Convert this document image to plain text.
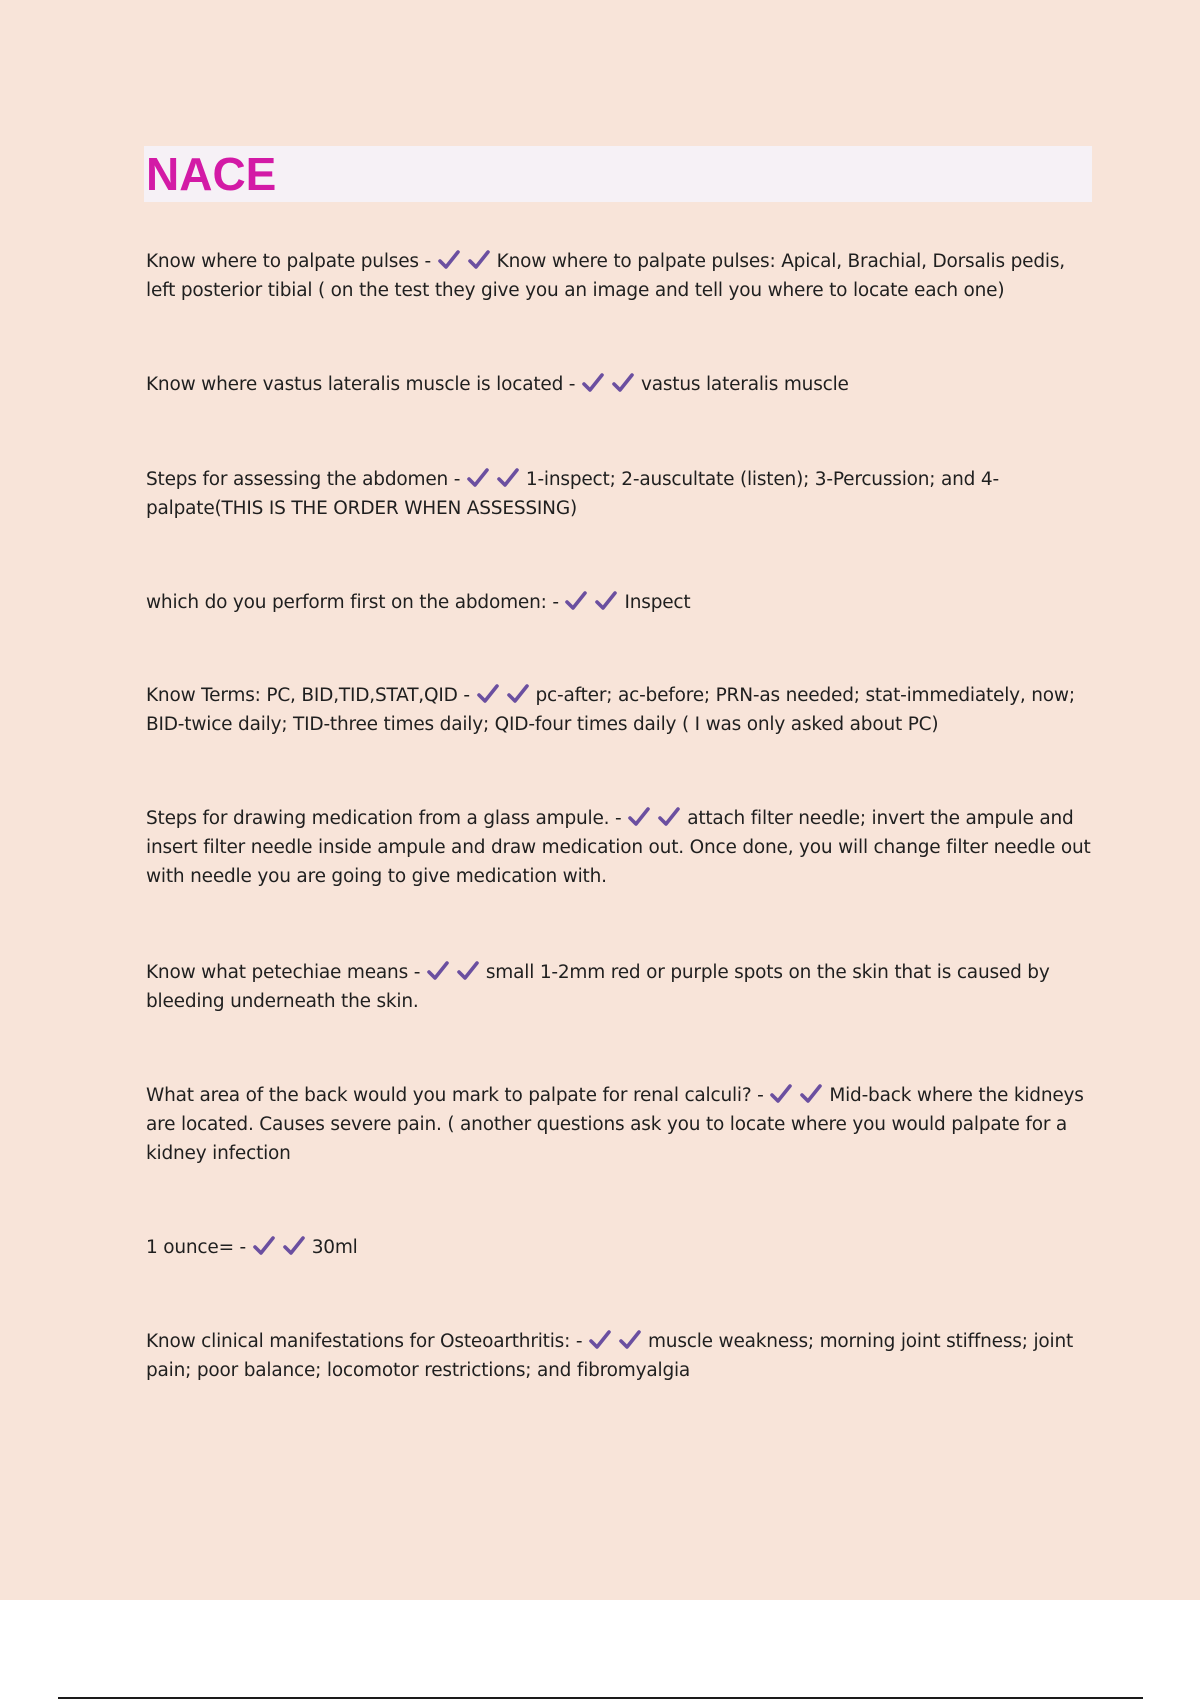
NACE

Know where to palpate pulses -	Know where to palpate pulses: Apical, Brachial, Dorsalis pedis, left posterior tibial ( on the test they give you an image and tell you where to locate each one)

Know where vastus lateralis muscle is located -	vastus lateralis muscle

Steps for assessing the abdomen -	1-inspect; 2-auscultate (listen); 3-Percussion; and 4-palpate(THIS IS THE ORDER WHEN ASSESSING)

which do you perform first on the abdomen: -	Inspect

Know Terms: PC, BID,TID,STAT,QID -	pc-after; ac-before; PRN-as needed; stat-immediately, now; BID-twice daily; TID-three times daily; QID-four times daily ( I was only asked about PC)

Steps for drawing medication from a glass ampule. -	attach filter needle; invert the ampule and insert filter needle inside ampule and draw medication out. Once done, you will change filter needle out with needle you are going to give medication with.

Know what petechiae means -	small 1-2mm red or purple spots on the skin that is caused by bleeding underneath the skin.

What area of the back would you mark to palpate for renal calculi? -	Mid-back where the kidneys are located. Causes severe pain. ( another questions ask you to locate where you would palpate for a kidney infection

1 ounce= -	30ml

Know clinical manifestations for Osteoarthritis: -	muscle weakness; morning joint stiffness; joint pain; poor balance; locomotor restrictions; and fibromyalgia
